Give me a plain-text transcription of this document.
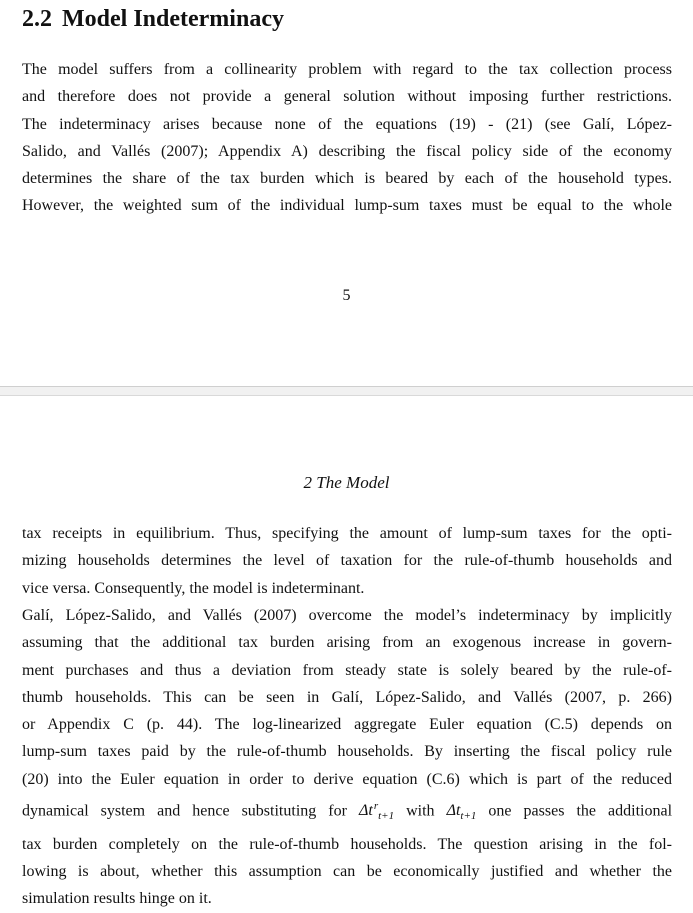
2.2 Model Indeterminacy

The model suffers from a collinearity problem with regard to the tax collection process
and therefore does not provide a general solution without imposing further restrictions.
The indeterminacy arises because none of the equations (19) - (21) (see Galí, López-
Salido, and Vallés (2007); Appendix A) describing the fiscal policy side of the economy
determines the share of the tax burden which is beared by each of the household types.
However, the weighted sum of the individual lump-sum taxes must be equal to the whole

5
2 The Model

tax receipts in equilibrium. Thus, specifying the amount of lump-sum taxes for the opti-
mizing households determines the level of taxation for the rule-of-thumb households and
vice versa. Consequently, the model is indeterminant.

Galí, López-Salido, and Vallés (2007) overcome the model’s indeterminacy by implicitly
assuming that the additional tax burden arising from an exogenous increase in govern-
ment purchases and thus a deviation from steady state is solely beared by the rule-of-
thumb households. This can be seen in Galí, López-Salido, and Vallés (2007, p. 266)
or Appendix C (p. 44). The log-linearized aggregate Euler equation (C.5) depends on
lump-sum taxes paid by the rule-of-thumb households. By inserting the fiscal policy rule
(20) into the Euler equation in order to derive equation (C.6) which is part of the reduced
dynamical system and hence substituting for $\Delta t^r_{t+1}$ with $\Delta t_{t+1}$ one passes the additional
tax burden completely on the rule-of-thumb households. The question arising in the fol-
lowing is about, whether this assumption can be economically justified and whether the
simulation results hinge on it.
